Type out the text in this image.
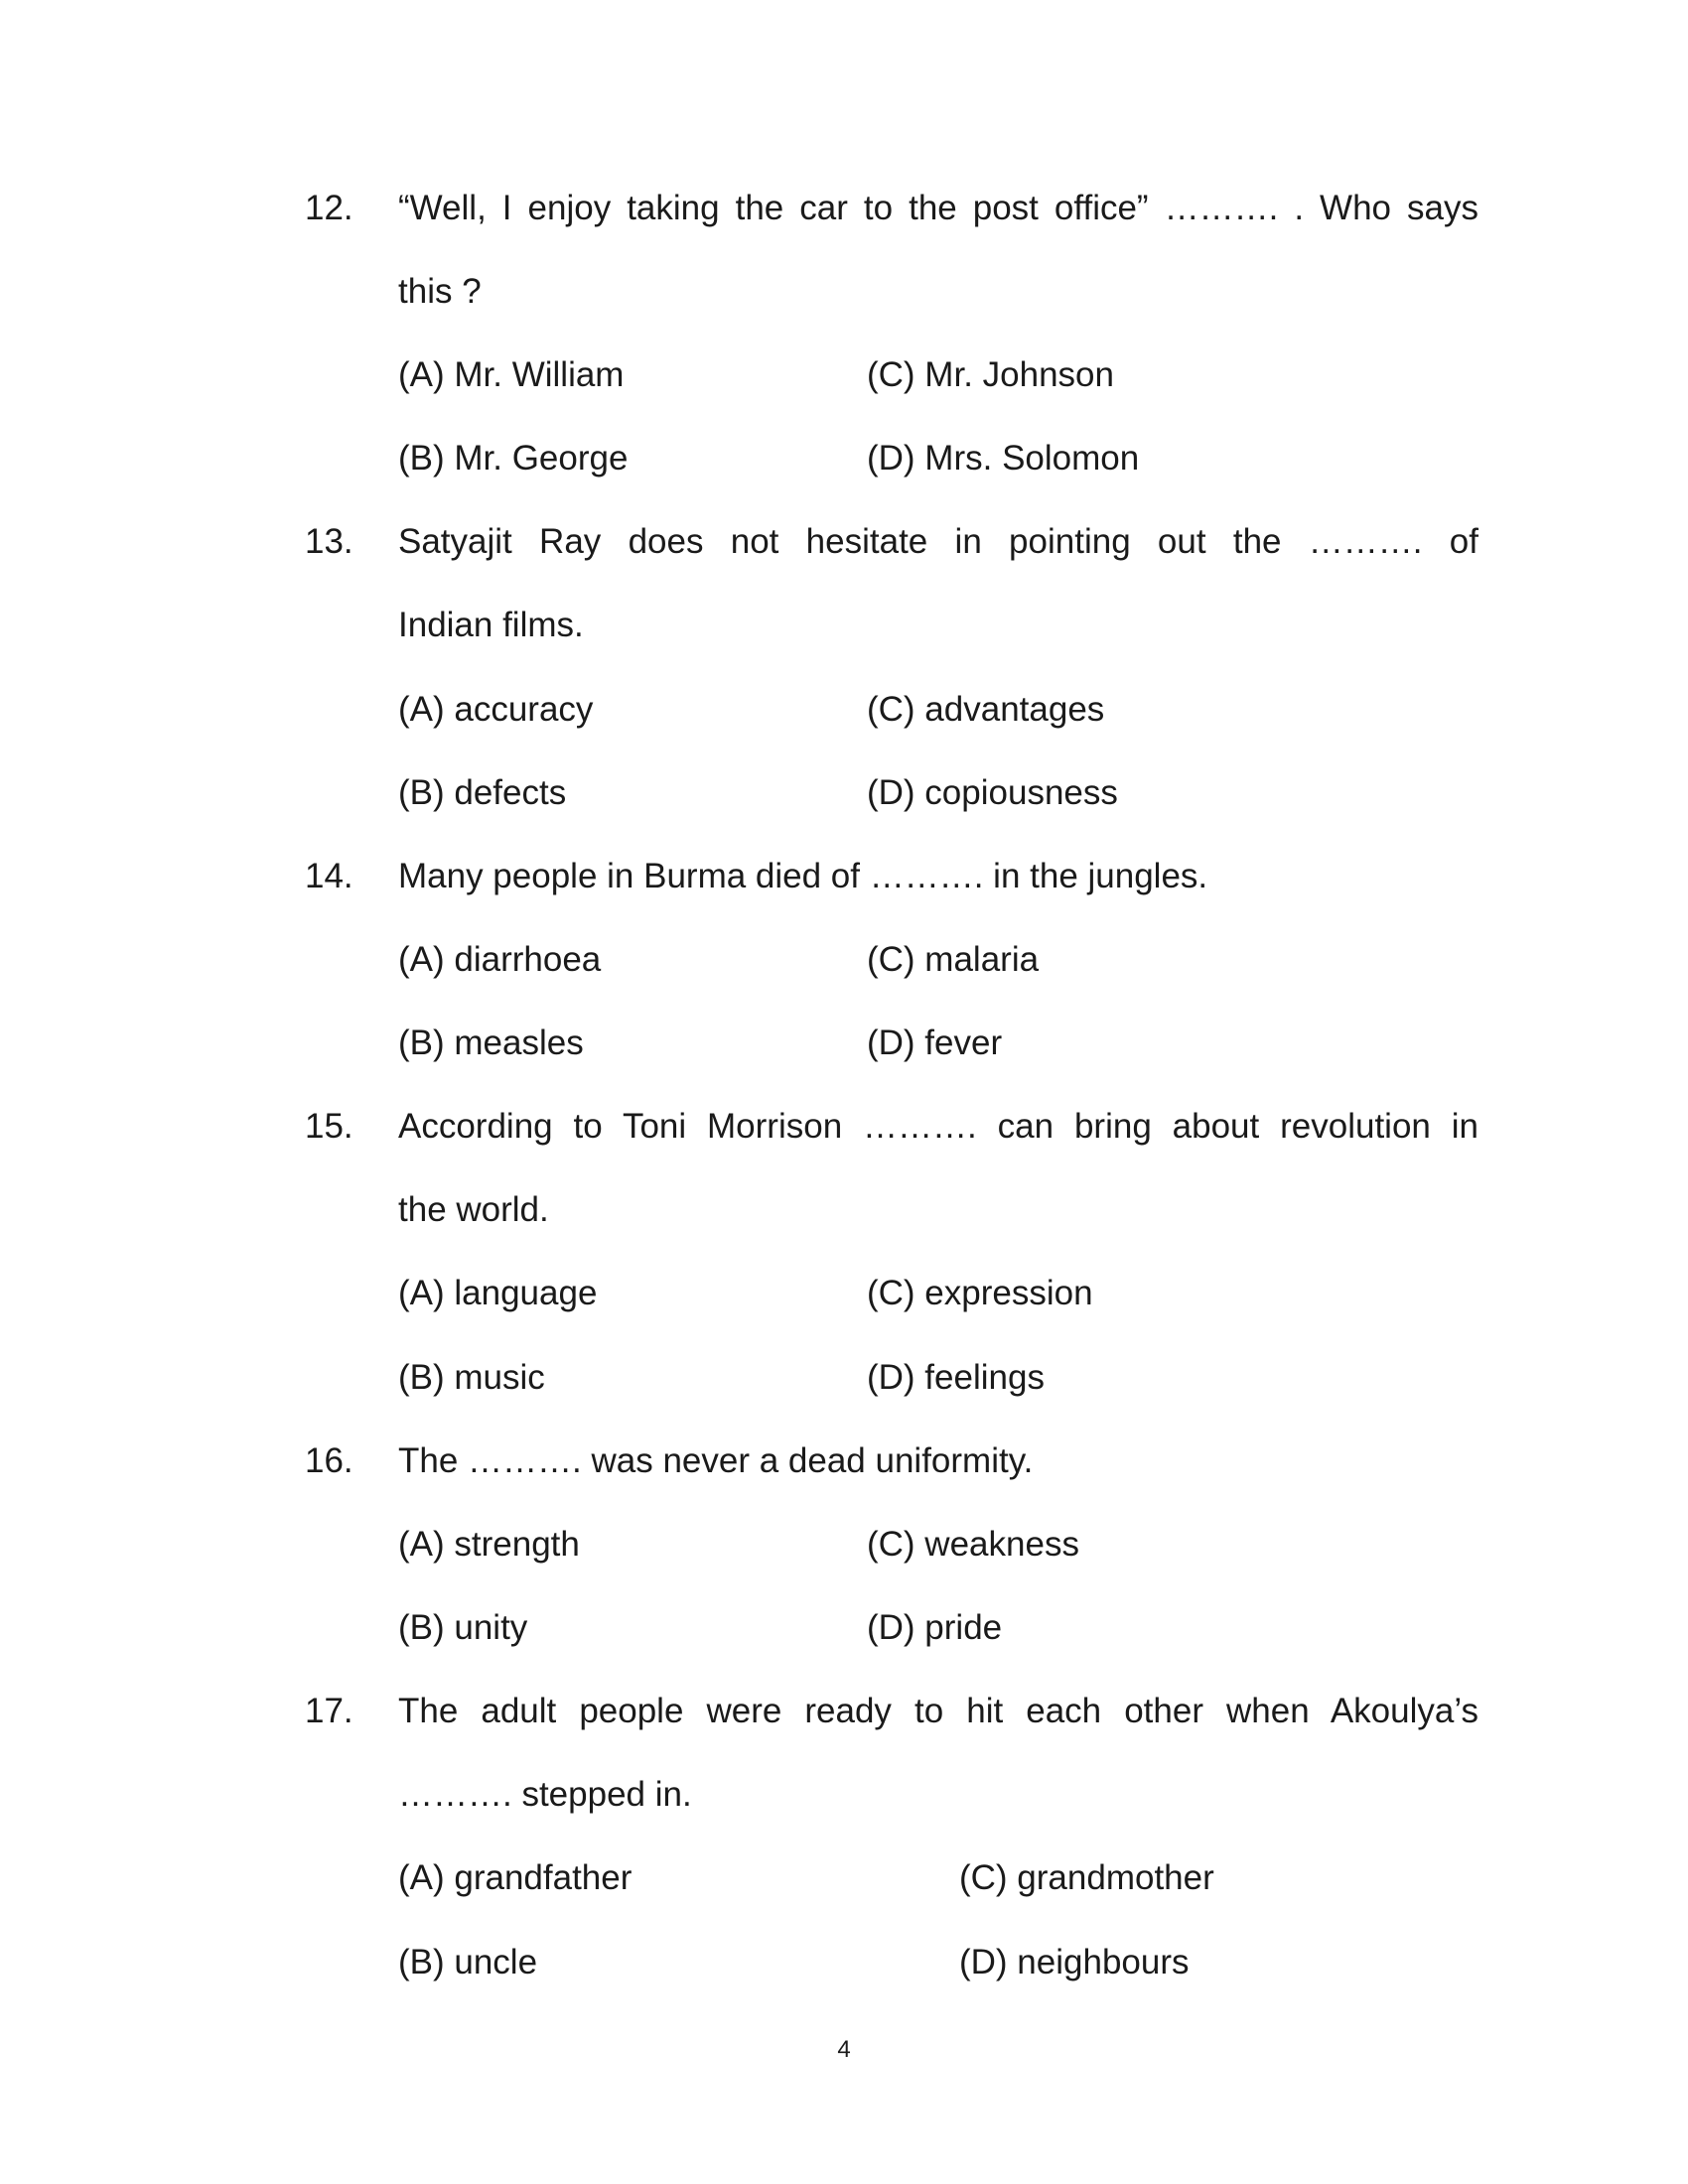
12. “Well, I enjoy taking the car to the post office” ………. . Who says
this ?
(A) Mr. William	(C) Mr. Johnson
(B) Mr. George	(D) Mrs. Solomon
13. Satyajit Ray does not hesitate in pointing out the ………. of
Indian films.
(A) accuracy	(C) advantages
(B) defects	(D) copiousness
14. Many people in Burma died of ………. in the jungles.
(A) diarrhoea	(C) malaria
(B) measles	(D) fever
15. According to Toni Morrison ………. can bring about revolution in
the world.
(A) language	(C) expression
(B) music	(D) feelings
16. The ………. was never a dead uniformity.
(A) strength	(C) weakness
(B) unity	(D) pride
17. The adult people were ready to hit each other when Akoulya’s
………. stepped in.
(A) grandfather	(C) grandmother
(B) uncle	(D) neighbours
4
